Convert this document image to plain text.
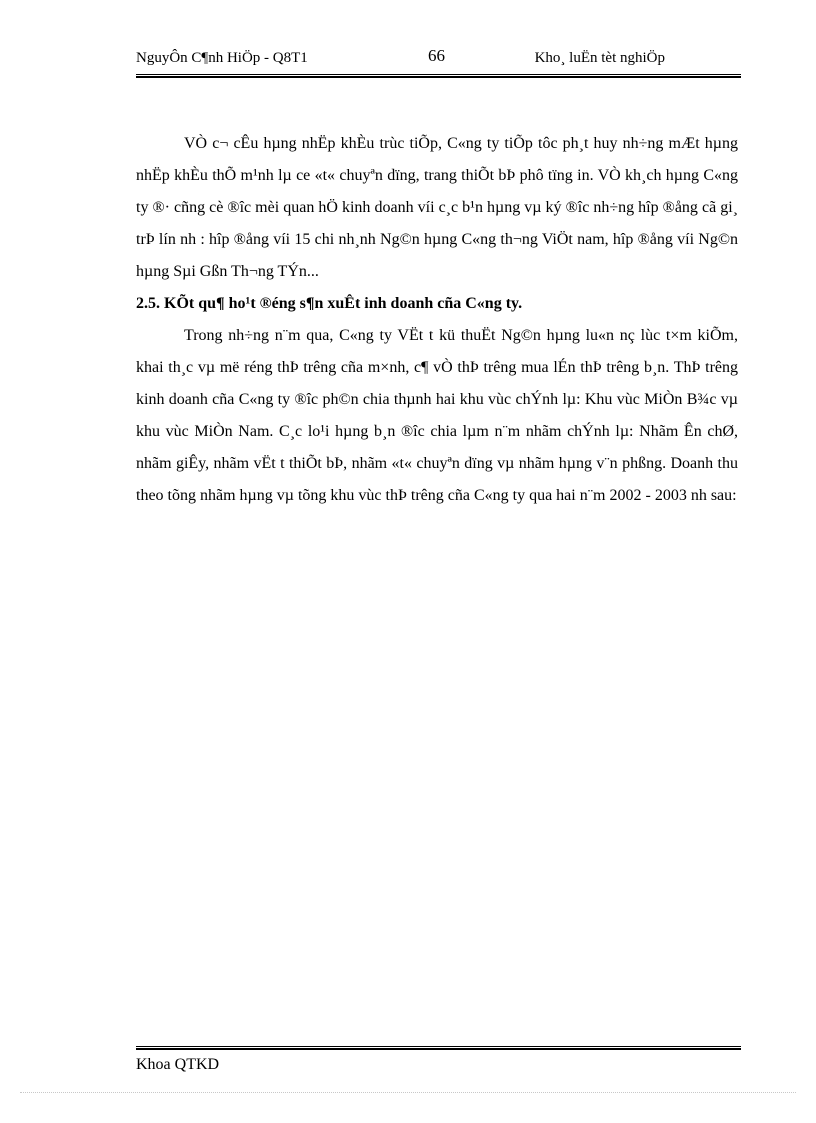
NguyÔn C¶nh HiÖp - Q8T1	66	Kho¸ luËn tèt nghiÖp

VÒ c¬ cÊu hµng nhËp khÈu trùc tiÕp, C«ng ty tiÕp tôc ph¸t huy nh÷ng mÆt hµng nhËp khÈu thÕ m¹nh lµ ce «t« chuyªn dïng, trang thiÕt bÞ phô tïng in. VÒ kh¸ch hµng C«ng ty ®· cñng cè ®îc mèi quan hÖ kinh doanh víi c¸c b¹n hµng vµ ký ®îc nh÷ng hîp ®ång cã gi¸ trÞ lín nh : hîp ®ång víi 15 chi nh¸nh Ng©n hµng C«ng th¬ng ViÖt nam, hîp ®ång víi Ng©n hµng Sµi Gßn Th¬ng TÝn...

2.5. KÕt qu¶ ho¹t ®éng s¶n xuÊt inh doanh cña C«ng ty.

Trong nh÷ng n¨m qua, C«ng ty VËt t kü thuËt Ng©n hµng lu«n nç lùc t×m kiÕm, khai th¸c vµ më réng thÞ trêng cña m×nh, c¶ vÒ thÞ trêng mua lÉn thÞ trêng b¸n. ThÞ trêng kinh doanh cña C«ng ty ®îc ph©n chia thµnh hai khu vùc chÝnh lµ: Khu vùc MiÒn B¾c vµ khu vùc MiÒn Nam. C¸c lo¹i hµng b¸n ®îc chia lµm n¨m nhãm chÝnh lµ: Nhãm Ên chØ, nhãm giÊy, nhãm vËt t thiÕt bÞ, nhãm «t« chuyªn dïng vµ nhãm hµng v¨n phßng. Doanh thu theo tõng nhãm hµng vµ tõng khu vùc thÞ trêng cña C«ng ty qua hai n¨m 2002 - 2003 nh sau:

Khoa QTKD
